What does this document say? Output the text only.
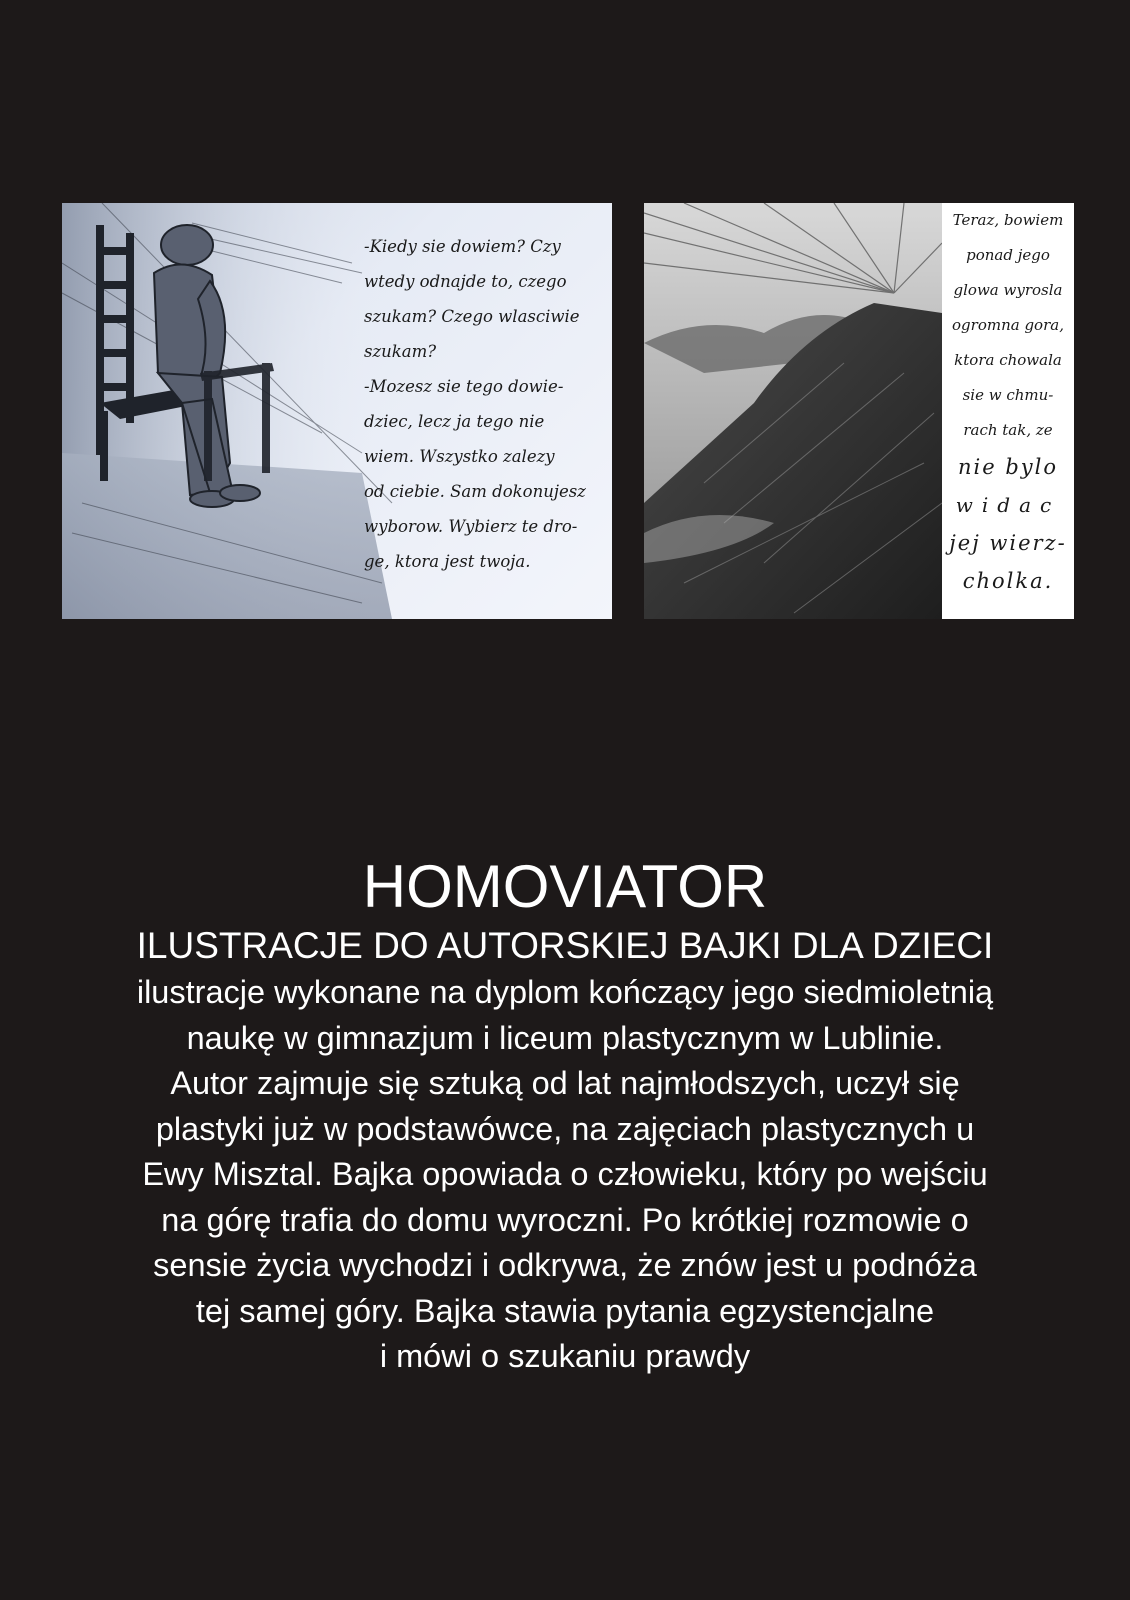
-Kiedy sie dowiem? Czy
wtedy odnajde to, czego
szukam? Czego wlasciwie
szukam?
-Mozesz sie tego dowie-
dziec, lecz ja tego nie
wiem. Wszystko zalezy
od ciebie. Sam dokonujesz
wyborow. Wybierz te dro-
ge, ktora jest twoja.
Teraz, bowiem
ponad jego
glowa wyrosla
ogromna gora,
ktora chowala
sie w chmu-
rach tak, ze
nie bylo
widac
jej wierz-
cholka.
HOMOVIATOR
ILUSTRACJE DO AUTORSKIEJ BAJKI DLA DZIECI

ilustracje wykonane na dyplom kończący jego siedmioletnią
naukę w gimnazjum i liceum plastycznym w Lublinie.
Autor zajmuje się sztuką od lat najmłodszych, uczył się
plastyki już w podstawówce, na zajęciach plastycznych u
Ewy Misztal. Bajka opowiada o człowieku, który po wejściu
na górę trafia do domu wyroczni. Po krótkiej rozmowie o
sensie życia wychodzi i odkrywa, że znów jest u podnóża
tej samej góry. Bajka stawia pytania egzystencjalne
i mówi o szukaniu prawdy
